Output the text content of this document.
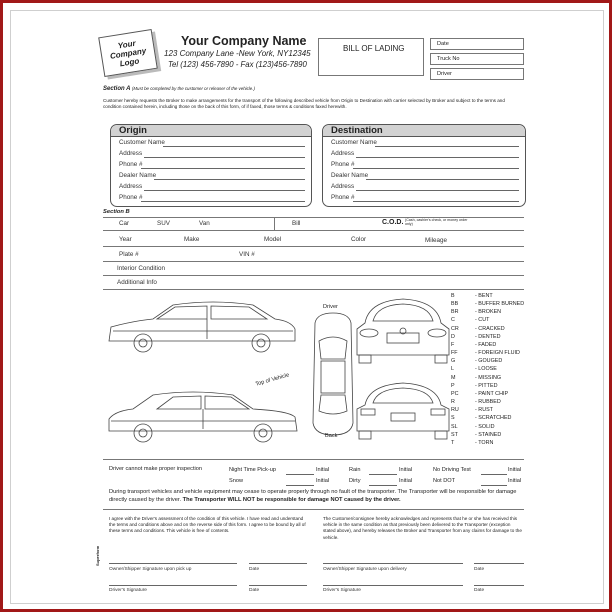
Your Company Logo
Your Company Name
123 Company Lane -New York, NY12345
Tel (123) 456-7890 - Fax (123)456-7890
BILL OF LADING	Date
Truck No
Driver
Section A (Must be completed by the customer or releaser of the vehicle.)
Customer hereby requests the Broker to make arrangements for the transport of the following described vehicle from Origin to Destination with carrier selected by Broker and subject to the terms and condition contained herein, including those on the back of this form, of if faxed, those terms & conditions faxed herewith.
Origin
Customer Name
Address
Phone #
Dealer Name
Address
Phone #
Destination
Customer Name
Address
Phone #
Dealer Name
Address
Phone #
Section B
Car	SUV	Van	Bill	C.O.D. (Cash, cashier's check, or money order only)
Year	Make	Model	Color	Mileage
Plate #	VIN #
Interior Condition
Additional Info
Driver
Top of Vehicle
Back
B	- BENT
BB	- BUFFER BURNED
BR	- BROKEN
C	- CUT
CR	- CRACKED
D	- DENTED
F	- FADED
FF	- FOREIGN FLUID
G	- GOUGED
L	- LOOSE
M	- MISSING
P	- PITTED
PC	- PAINT CHIP
R	- RUBBED
RU	- RUST
S	- SCRATCHED
SL	- SOLID
ST	- STAINED
T	- TORN
Driver cannot make proper inspection	Night Time Pick-up	Initial	Rain	Initial	No Driving Test	Initial
Snow	Initial	Dirty	Initial	Not DOT	Initial
During transport vehicles and vehicle equipment may cease to operate properly through no fault of the transporter. The Transporter will be responsible for damage directly caused by the driver. The Transporter WILL NOT be responsible for damage NOT caused by the driver.
I agree with the Driver's assessment of the condition of this vehicle. I have read and understand the terms and conditions above and on the reverse side of this form. I agree to be bound by all of these terms and conditions. This vehicle is free of contents.
The Customer/consignee hereby acknowledges and represents that he or she has received this vehicle in the same condition as that previously been delivered to the Transporter (exception stated above), and hereby releases the Broker and Transporter from any claims for damage to the vehicle.
Owner/Shipper Signature upon pick up	Date
Driver's Signature	Date
Owner/Shipper Signature upon delivery	Date
Driver's Signature	Date
Superform
